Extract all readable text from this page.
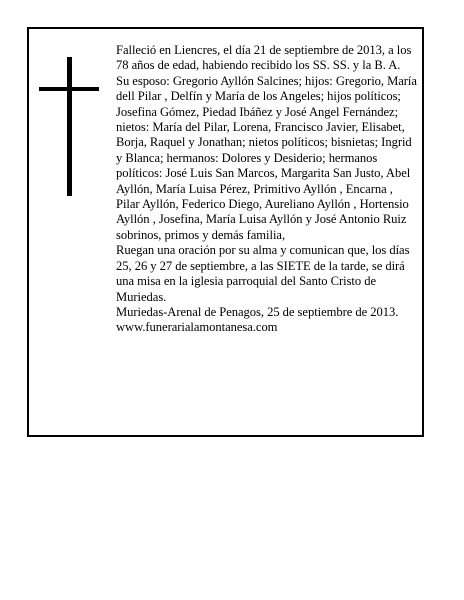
Falleció en Liencres, el día 21 de septiembre de 2013, a los 78 años de edad, habiendo recibido los SS. SS. y la B. A.

Su esposo: Gregorio Ayllón Salcines; hijos: Gregorio, María dell Pilar , Delfín y María de los Angeles; hijos políticos; Josefina Gómez, Piedad Ibáñez y José Angel Fernández; nietos: María del Pilar, Lorena, Francisco Javier, Elisabet, Borja, Raquel y Jonathan; nietos políticos; bisnietas; Ingrid y Blanca; hermanos: Dolores y Desiderio; hermanos políticos: José Luis San Marcos, Margarita San Justo, Abel Ayllón, María Luisa Pérez, Primitivo Ayllón , Encarna , Pilar Ayllón, Federico Diego, Aureliano Ayllón , Hortensio Ayllón , Josefina, María Luisa Ayllón y José Antonio Ruiz sobrinos, primos y demás familia,

Ruegan una oración por su alma y comunican que, los días 25, 26 y 27 de septiembre, a las SIETE de la tarde, se dirá una misa en la iglesia parroquial del Santo Cristo de Muriedas.

Muriedas-Arenal de Penagos, 25 de septiembre de 2013. www.funerarialamontanesa.com
